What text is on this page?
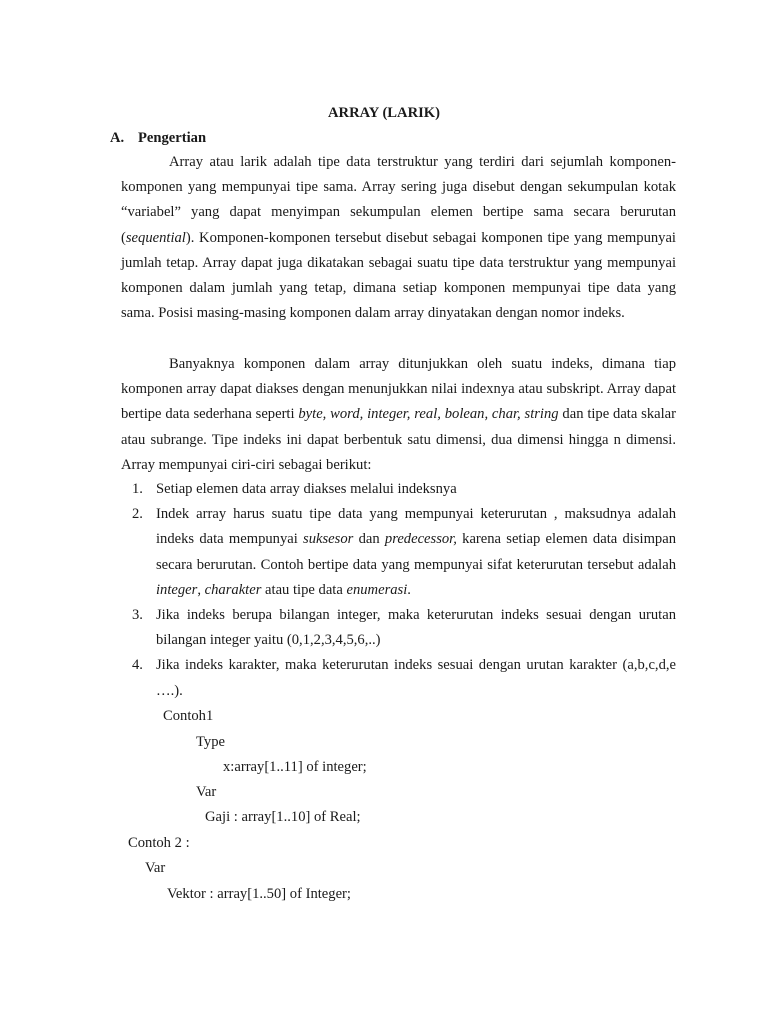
ARRAY (LARIK)
A. Pengertian

Array atau larik adalah tipe data terstruktur yang terdiri dari sejumlah komponen-komponen yang mempunyai tipe sama. Array sering juga disebut dengan sekumpulan kotak “variabel” yang dapat menyimpan sekumpulan elemen bertipe sama secara berurutan (sequential). Komponen-komponen tersebut disebut sebagai komponen tipe yang mempunyai jumlah tetap. Array dapat juga dikatakan sebagai suatu tipe data terstruktur yang mempunyai komponen dalam jumlah yang tetap, dimana setiap komponen mempunyai tipe data yang sama. Posisi masing-masing komponen dalam array dinyatakan dengan nomor indeks.

Banyaknya komponen dalam array ditunjukkan oleh suatu indeks, dimana tiap komponen array dapat diakses dengan menunjukkan nilai indexnya atau subskript. Array dapat bertipe data sederhana seperti byte, word, integer, real, bolean, char, string dan tipe data skalar atau subrange. Tipe indeks ini dapat berbentuk satu dimensi, dua dimensi hingga n dimensi. Array mempunyai ciri-ciri sebagai berikut:

1. Setiap elemen data array diakses melalui indeksnya
2. Indek array harus suatu tipe data yang mempunyai keterurutan , maksudnya adalah indeks data mempunyai suksesor dan predecessor, karena setiap elemen data disimpan secara berurutan. Contoh bertipe data yang mempunyai sifat keterurutan tersebut adalah integer, charakter atau tipe data enumerasi.
3. Jika indeks berupa bilangan integer, maka keterurutan indeks sesuai dengan urutan bilangan integer yaitu (0,1,2,3,4,5,6,..)
4. Jika indeks karakter, maka keterurutan indeks sesuai dengan urutan karakter (a,b,c,d,e ….).
Contoh1
Type
x:array[1..11] of integer;
Var
Gaji : array[1..10] of Real;
Contoh 2 :
Var
Vektor : array[1..50] of Integer;
